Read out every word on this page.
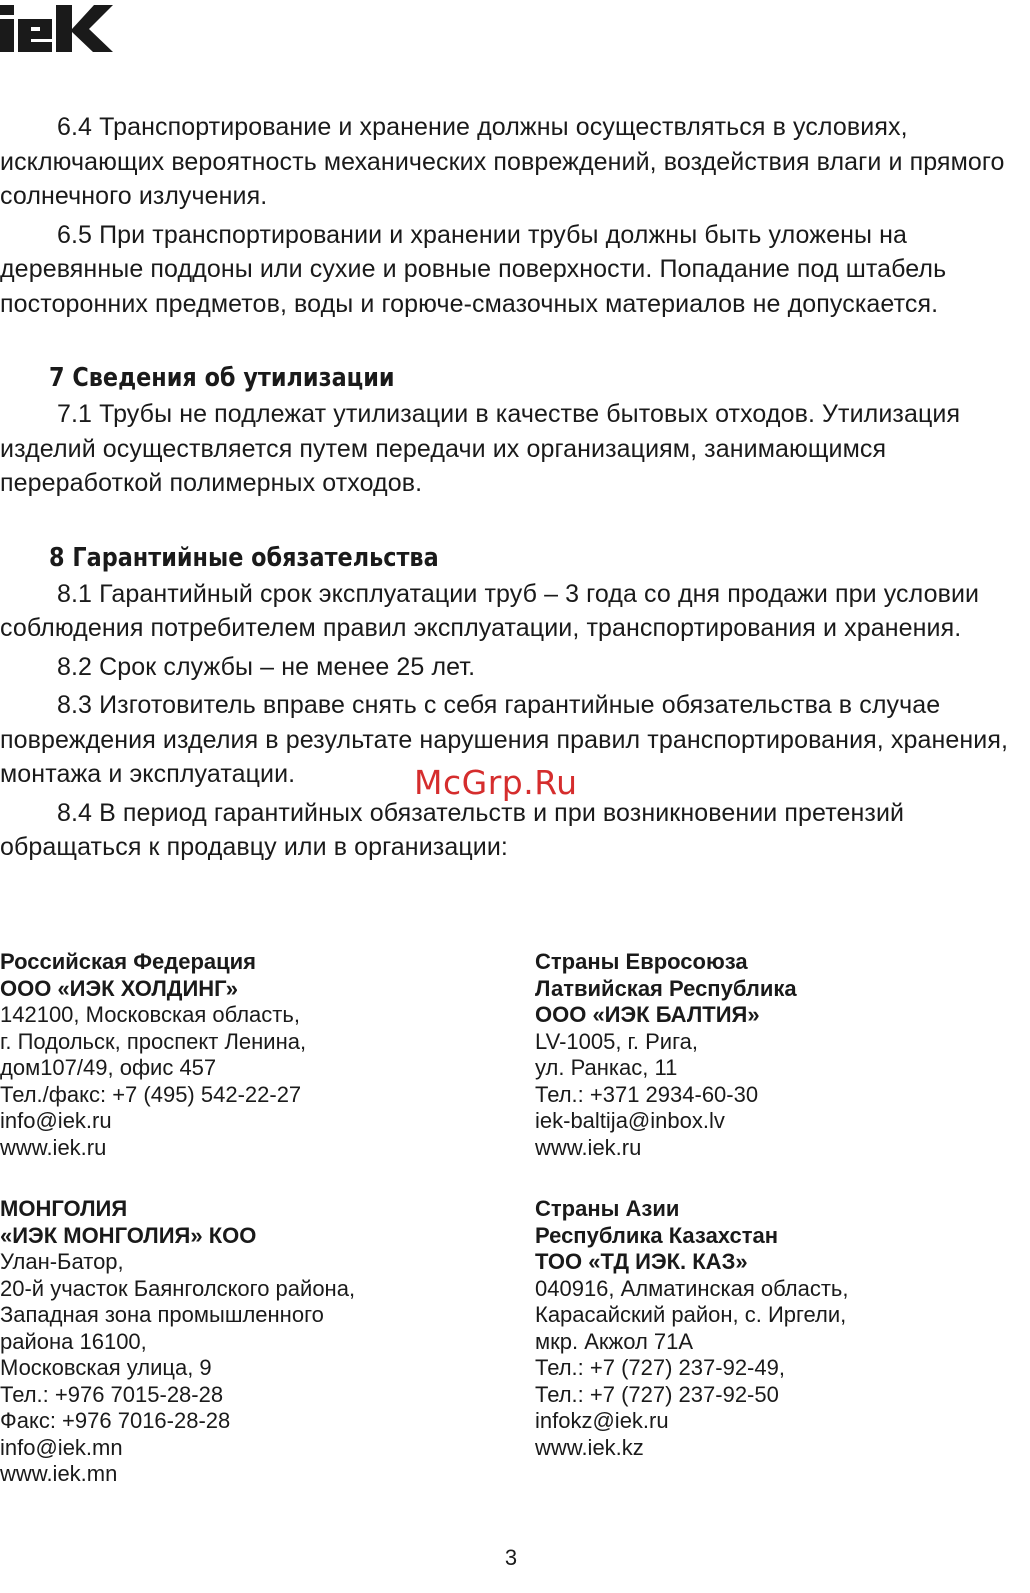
6.4 Транспортирование и хранение должны осуществляться в условиях, исключающих вероятность механических повреждений, воздействия влаги и прямого солнечного излучения.

6.5 При транспортировании и хранении трубы должны быть уложены на деревянные поддоны или сухие и ровные поверхности. Попадание под штабель посторонних предметов, воды и горюче-смазочных материалов не допускается.

7 Сведения об утилизации

7.1 Трубы не подлежат утилизации в качестве бытовых отходов. Утилизация изделий осуществляется путем передачи их организациям, занимающимся переработкой полимерных отходов.

8 Гарантийные обязательства

8.1 Гарантийный срок эксплуатации труб – 3 года со дня продажи при условии соблюдения потребителем правил эксплуатации, транспортирования и хранения.

8.2 Срок службы – не менее 25 лет.

8.3 Изготовитель вправе снять с себя гарантийные обязательства в случае повреждения изделия в результате нарушения правил транспортирования, хранения, монтажа и эксплуатации.

8.4 В период гарантийных обязательств и при возникновении претензий обращаться к продавцу или в организации:

Российская Федерация

ООО «ИЭК ХОЛДИНГ»

142100, Московская область,

г. Подольск, проспект Ленина,

дом107/49, офис 457

Тел./факс: +7 (495) 542-22-27

info@iek.ru

www.iek.ru

Страны Евросоюза

Латвийская Республика

ООО «ИЭК БАЛТИЯ»

LV-1005, г. Рига,

ул. Ранкас, 11

Тел.: +371 2934-60-30

iek-baltija@inbox.lv

www.iek.ru

МОНГОЛИЯ

«ИЭК МОНГОЛИЯ» КОО

Улан-Батор,

20-й участок Баянголского района,

Западная зона промышленного

района 16100,

Московская улица, 9

Тел.: +976 7015-28-28

Факс: +976 7016-28-28

info@iek.mn

www.iek.mn

Страны Азии

Республика Казахстан

ТОО «ТД ИЭК. КАЗ»

040916, Алматинская область,

Карасайский район, с. Иргели,

мкр. Акжол 71А

Тел.: +7 (727) 237-92-49,

Тел.: +7 (727) 237-92-50

infokz@iek.ru

www.iek.kz

McGrp.Ru
3
